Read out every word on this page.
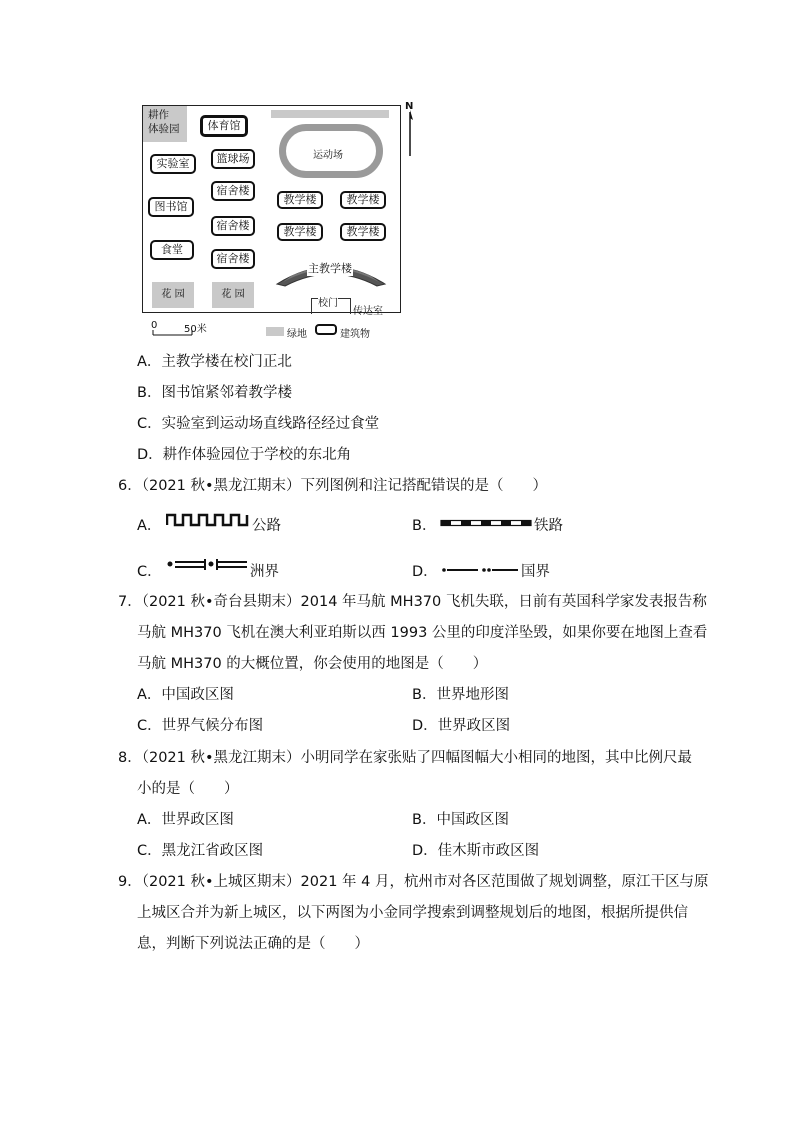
耕作
体验园	体育馆
实验室	篮球场
宿舍楼
图书馆
宿舍楼
食堂
宿舍楼
花 园	花 园
运动场
教学楼	教学楼
教学楼	教学楼
主教学楼
校门
传达室
N
0	50米	绿地	建筑物
A．主教学楼在校门正北
B．图书馆紧邻着教学楼
C．实验室到运动场直线路径经过食堂
D．耕作体验园位于学校的东北角
6．（2021 秋•黑龙江期末）下列图例和注记搭配错误的是（　　）
A．	公路	B．	铁路
C．	洲界	D．	国界
7．（2021 秋•奇台县期末）2014 年马航 MH370 飞机失联，日前有英国科学家发表报告称
马航 MH370 飞机在澳大利亚珀斯以西 1993 公里的印度洋坠毁，如果你要在地图上查看
马航 MH370 的大概位置，你会使用的地图是（　　）
A．中国政区图	B．世界地形图
C．世界气候分布图	D．世界政区图
8．（2021 秋•黑龙江期末）小明同学在家张贴了四幅图幅大小相同的地图，其中比例尺最
小的是（　　）
A．世界政区图	B．中国政区图
C．黑龙江省政区图	D．佳木斯市政区图
9．（2021 秋•上城区期末）2021 年 4 月，杭州市对各区范围做了规划调整，原江干区与原
上城区合并为新上城区，以下两图为小金同学搜索到调整规划后的地图，根据所提供信
息，判断下列说法正确的是（　　）
